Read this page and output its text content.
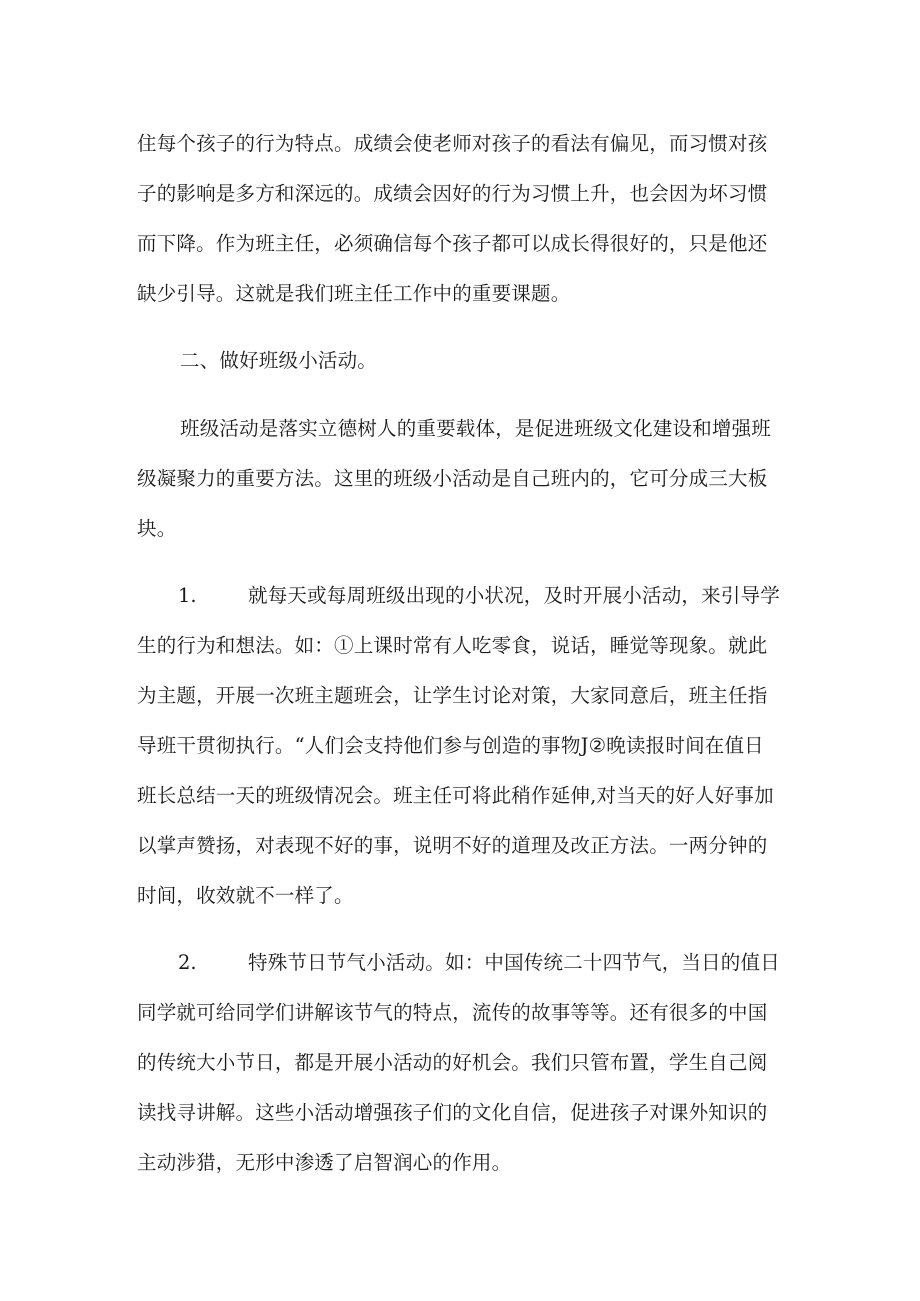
住每个孩子的行为特点。成绩会使老师对孩子的看法有偏见，而习惯对孩
子的影响是多方和深远的。成绩会因好的行为习惯上升，也会因为坏习惯
而下降。作为班主任，必须确信每个孩子都可以成长得很好的，只是他还
缺少引导。这就是我们班主任工作中的重要课题。
二、做好班级小活动。
班级活动是落实立德树人的重要载体，是促进班级文化建设和增强班
级凝聚力的重要方法。这里的班级小活动是自己班内的，它可分成三大板
块。
1.	就每天或每周班级出现的小状况，及时开展小活动，来引导学
生的行为和想法。如：①上课时常有人吃零食，说话，睡觉等现象。就此
为主题，开展一次班主题班会，让学生讨论对策，大家同意后，班主任指
导班干贯彻执行。“人们会支持他们参与创造的事物J②晚读报时间在值日
班长总结一天的班级情况会。班主任可将此稍作延伸,对当天的好人好事加
以掌声赞扬，对表现不好的事，说明不好的道理及改正方法。一两分钟的
时间，收效就不一样了。
2.	特殊节日节气小活动。如：中国传统二十四节气，当日的值日
同学就可给同学们讲解该节气的特点，流传的故事等等。还有很多的中国
的传统大小节日，都是开展小活动的好机会。我们只管布置，学生自己阅
读找寻讲解。这些小活动增强孩子们的文化自信，促进孩子对课外知识的
主动涉猎，无形中渗透了启智润心的作用。
